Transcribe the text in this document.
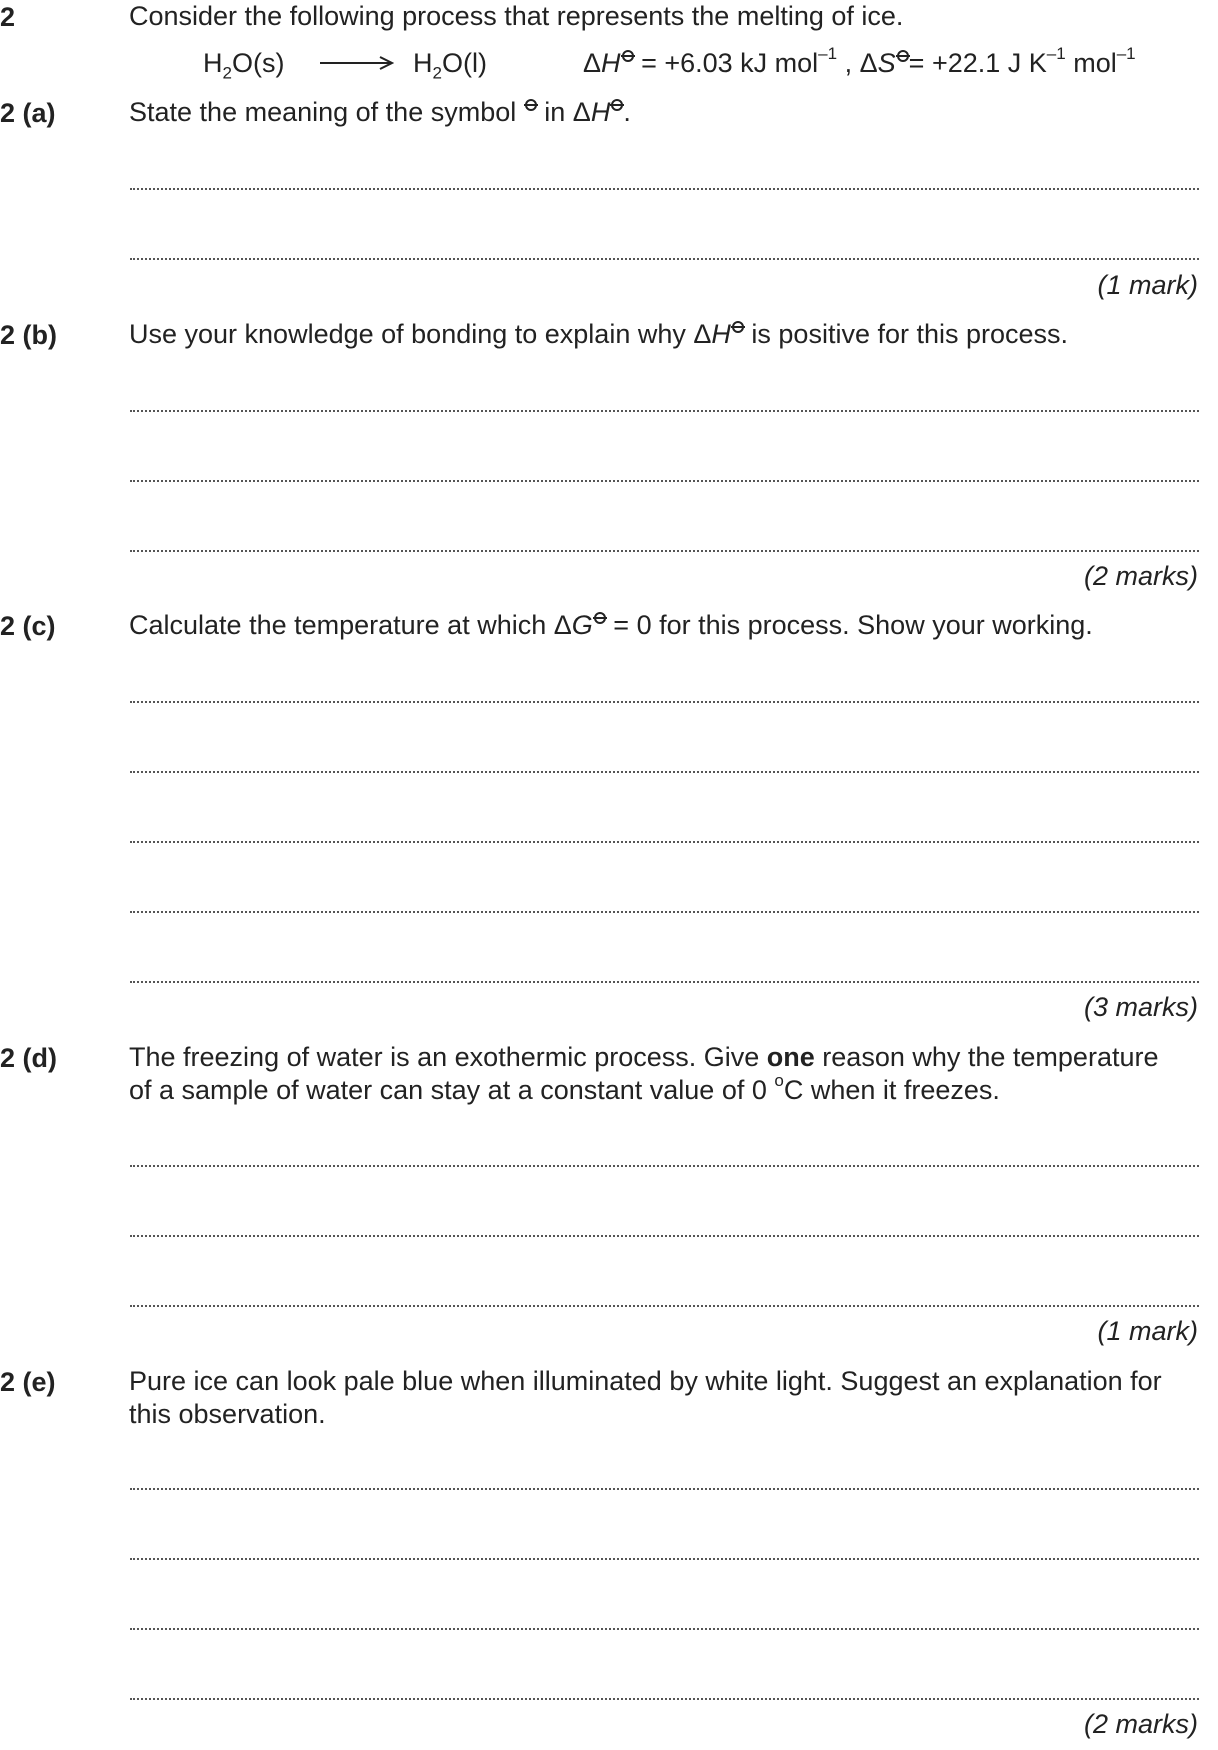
2	Consider the following process that represents the melting of ice.
$H_2O(s) \to H_2O(l)$	ΔH = +6.03 kJ mol$^{-1}$ , ΔS = +22.1 J $K^{-1}$ mol$^{-1}$
2 (a)	State the meaning of the symbol  in ΔH .
(1 mark)
2 (b)	Use your knowledge of bonding to explain why ΔH is positive for this process.
(2 marks)
2 (c)	Calculate the temperature at which ΔG = 0 for this process. Show your working.
(3 marks)
2 (d)	The freezing of water is an exothermic process. Give one reason why the temperature
of a sample of water can stay at a constant value of 0 $^o$C when it freezes.
(1 mark)
2 (e)	Pure ice can look pale blue when illuminated by white light. Suggest an explanation for this observation.
(2 marks)
